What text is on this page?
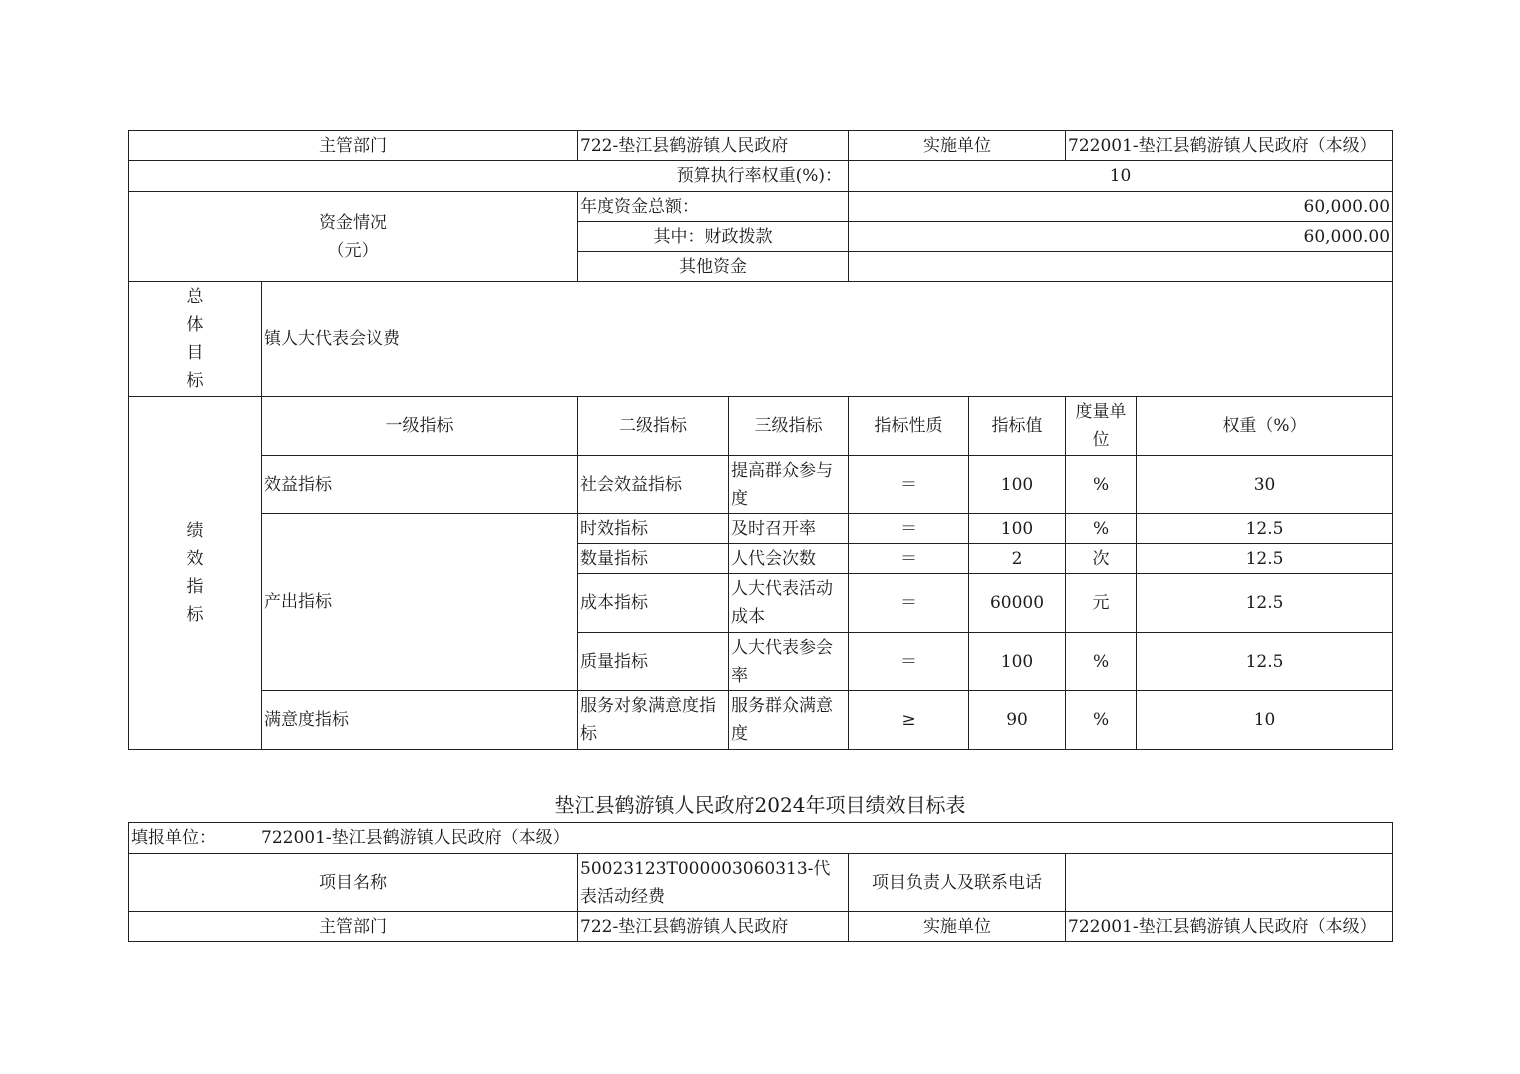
主管部门		722-垫江县鹤游镇人民政府		实施单位		722001-垫江县鹤游镇人民政府（本级）	
预算执行率权重(%)：				10			

资金情况
（元）		年度资金总额：		60,000.00			
		其中：财政拨款		60,000.00			
		其他资金					

总
体
目
标	镇人大代表会议费						

绩
效
指
标	一级指标	二级指标	三级指标	指标性质	指标值	度量单位	权重（%）
	效益指标	社会效益指标	提高群众参与度	＝	100	%	30
	产出指标	时效指标	及时召开率	＝	100	%	12.5
		数量指标	人代会次数	＝	2	次	12.5
		成本指标	人大代表活动成本	＝	60000	元	12.5
		质量指标	人大代表参会率	＝	100	%	12.5
	满意度指标	服务对象满意度指标	服务群众满意度	≥	90	%	10
垫江县鹤游镇人民政府2024年项目绩效目标表
填报单位： 722001-垫江县鹤游镇人民政府（本级）			
项目名称	50023123T000003060313-代表活动经费	项目负责人及联系电话	
主管部门	722-垫江县鹤游镇人民政府	实施单位	722001-垫江县鹤游镇人民政府（本级）
